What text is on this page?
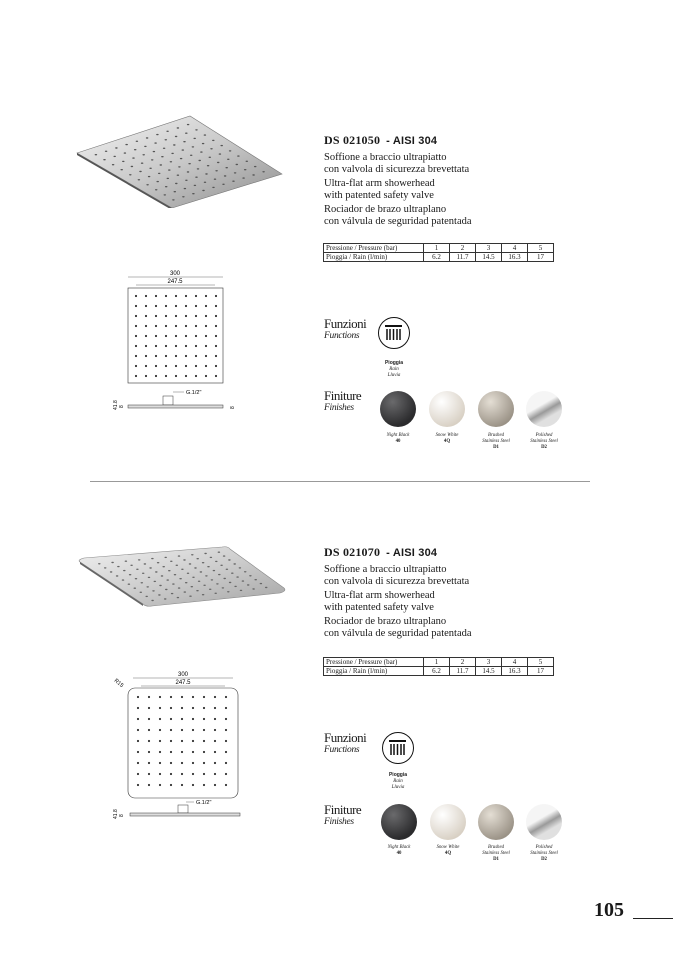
300
247.5
G.1/2"
41.8 8	8
DS 021050 - AISI 304

Soffione a braccio ultrapiatto
con valvola di sicurezza brevettata

Ultra-flat arm showerhead
with patented safety valve

Rociador de brazo ultraplano
con válvula de seguridad patentada

Pressione / Pressure (bar)	1	2	3	4	5
Pioggia / Rain (l/min)	6.2	11.7	14.5	16.3	17
Funzioni
Functions
Pioggia
Rain
Lluvia
Finiture
Finishes
Night Black
40
Snow White
4Q
Brushed
Stainless Steel
D1
Polished
Stainless Steel
D2
R15
300
247.5
G.1/2"
41.8 8
DS 021070 - AISI 304

Soffione a braccio ultrapiatto
con valvola di sicurezza brevettata

Ultra-flat arm showerhead
with patented safety valve

Rociador de brazo ultraplano
con válvula de seguridad patentada

Pressione / Pressure (bar)	1	2	3	4	5
Pioggia / Rain (l/min)	6.2	11.7	14.5	16.3	17
Funzioni
Functions
Pioggia
Rain
Lluvia
Finiture
Finishes
Night Black
40
Snow White
4Q
Brushed
Stainless Steel
D1
Polished
Stainless Steel
D2
105
